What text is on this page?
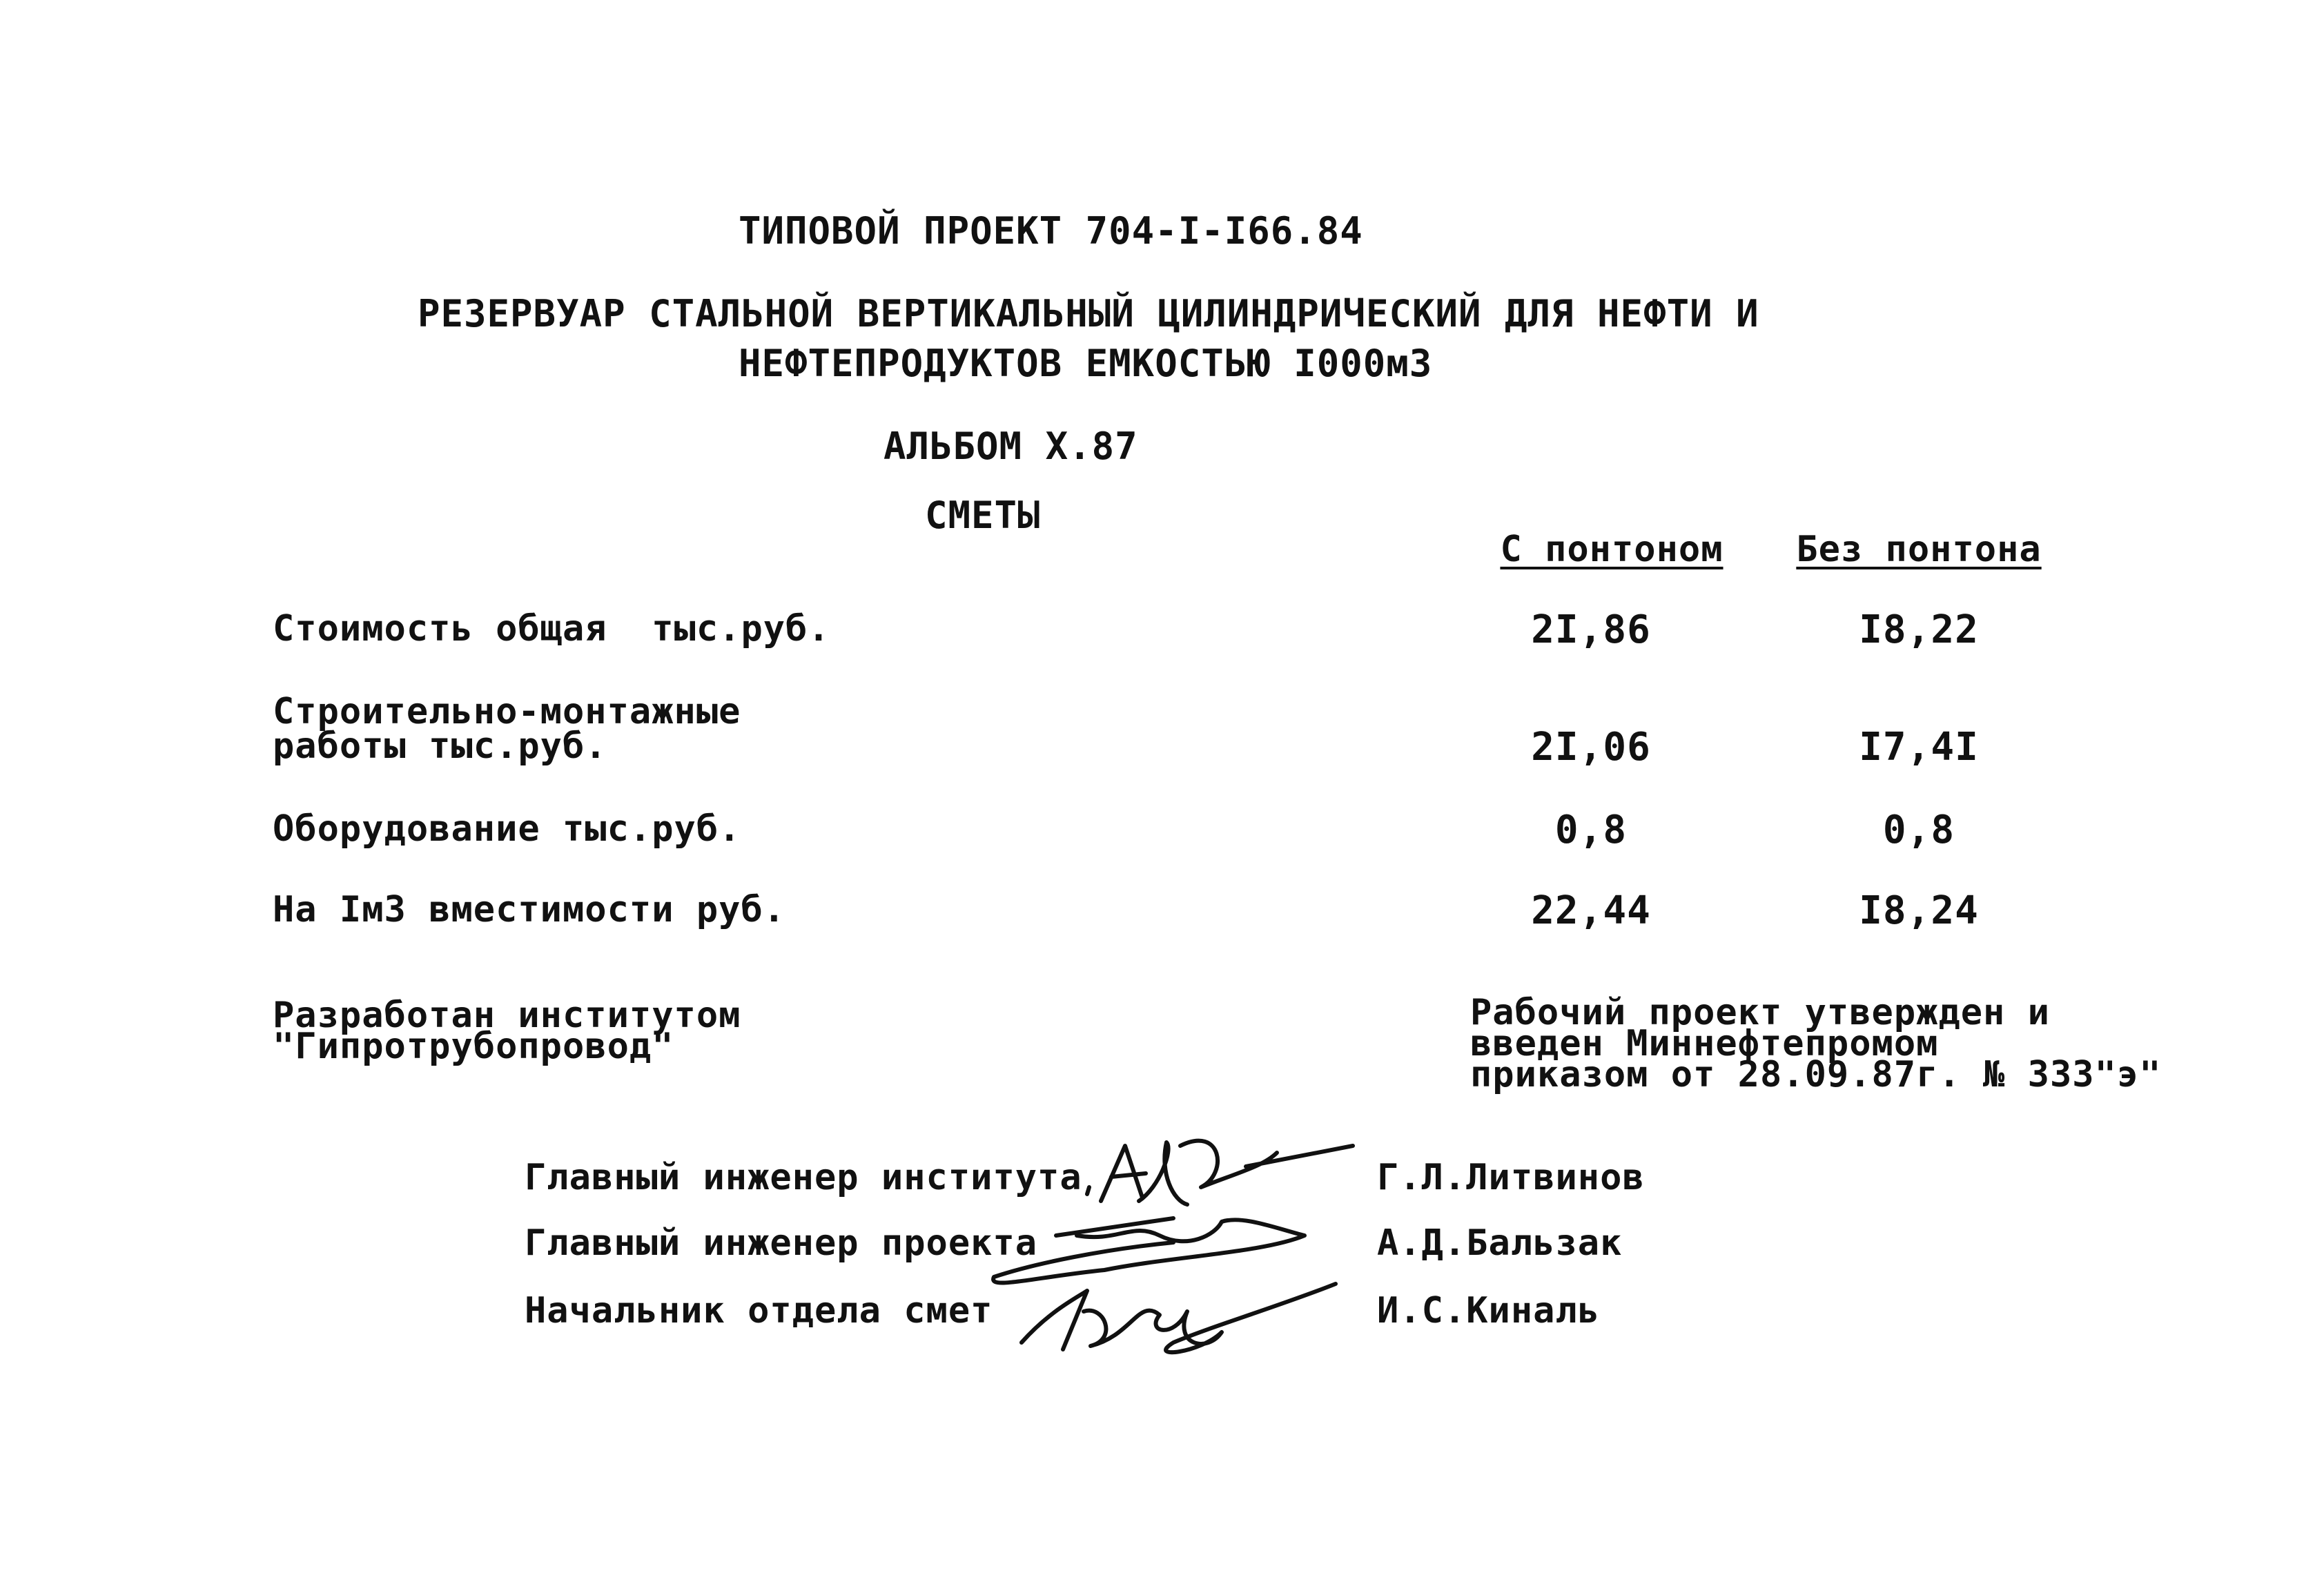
ТИПОВОЙ ПРОЕКТ 704-I-I66.84
РЕЗЕРВУАР СТАЛЬНОЙ ВЕРТИКАЛЬНЫЙ ЦИЛИНДРИЧЕСКИЙ ДЛЯ НЕФТИ И
НЕФТЕПРОДУКТОВ ЕМКОСТЬЮ I000м3
АЛЬБОМ X.87
СМЕТЫ
С понтоном	Без понтона
Стоимость общая  тыс.руб.	2I,86	I8,22
Строительно-монтажные
работы тыс.руб.	2I,06	I7,4I
Оборудование тыс.руб.	0,8	0,8
На IмЗ вместимости руб.	22,44	I8,24
Разработан институтом
"Гипротрубопровод"
Рабочий проект утвержден и
введен Миннефтепромом
приказом от 28.09.87г. № 333"э"
Главный инженер института	Г.Л.Литвинов
Главный инженер проекта	А.Д.Бальзак
Начальник отдела смет	И.С.Киналь
